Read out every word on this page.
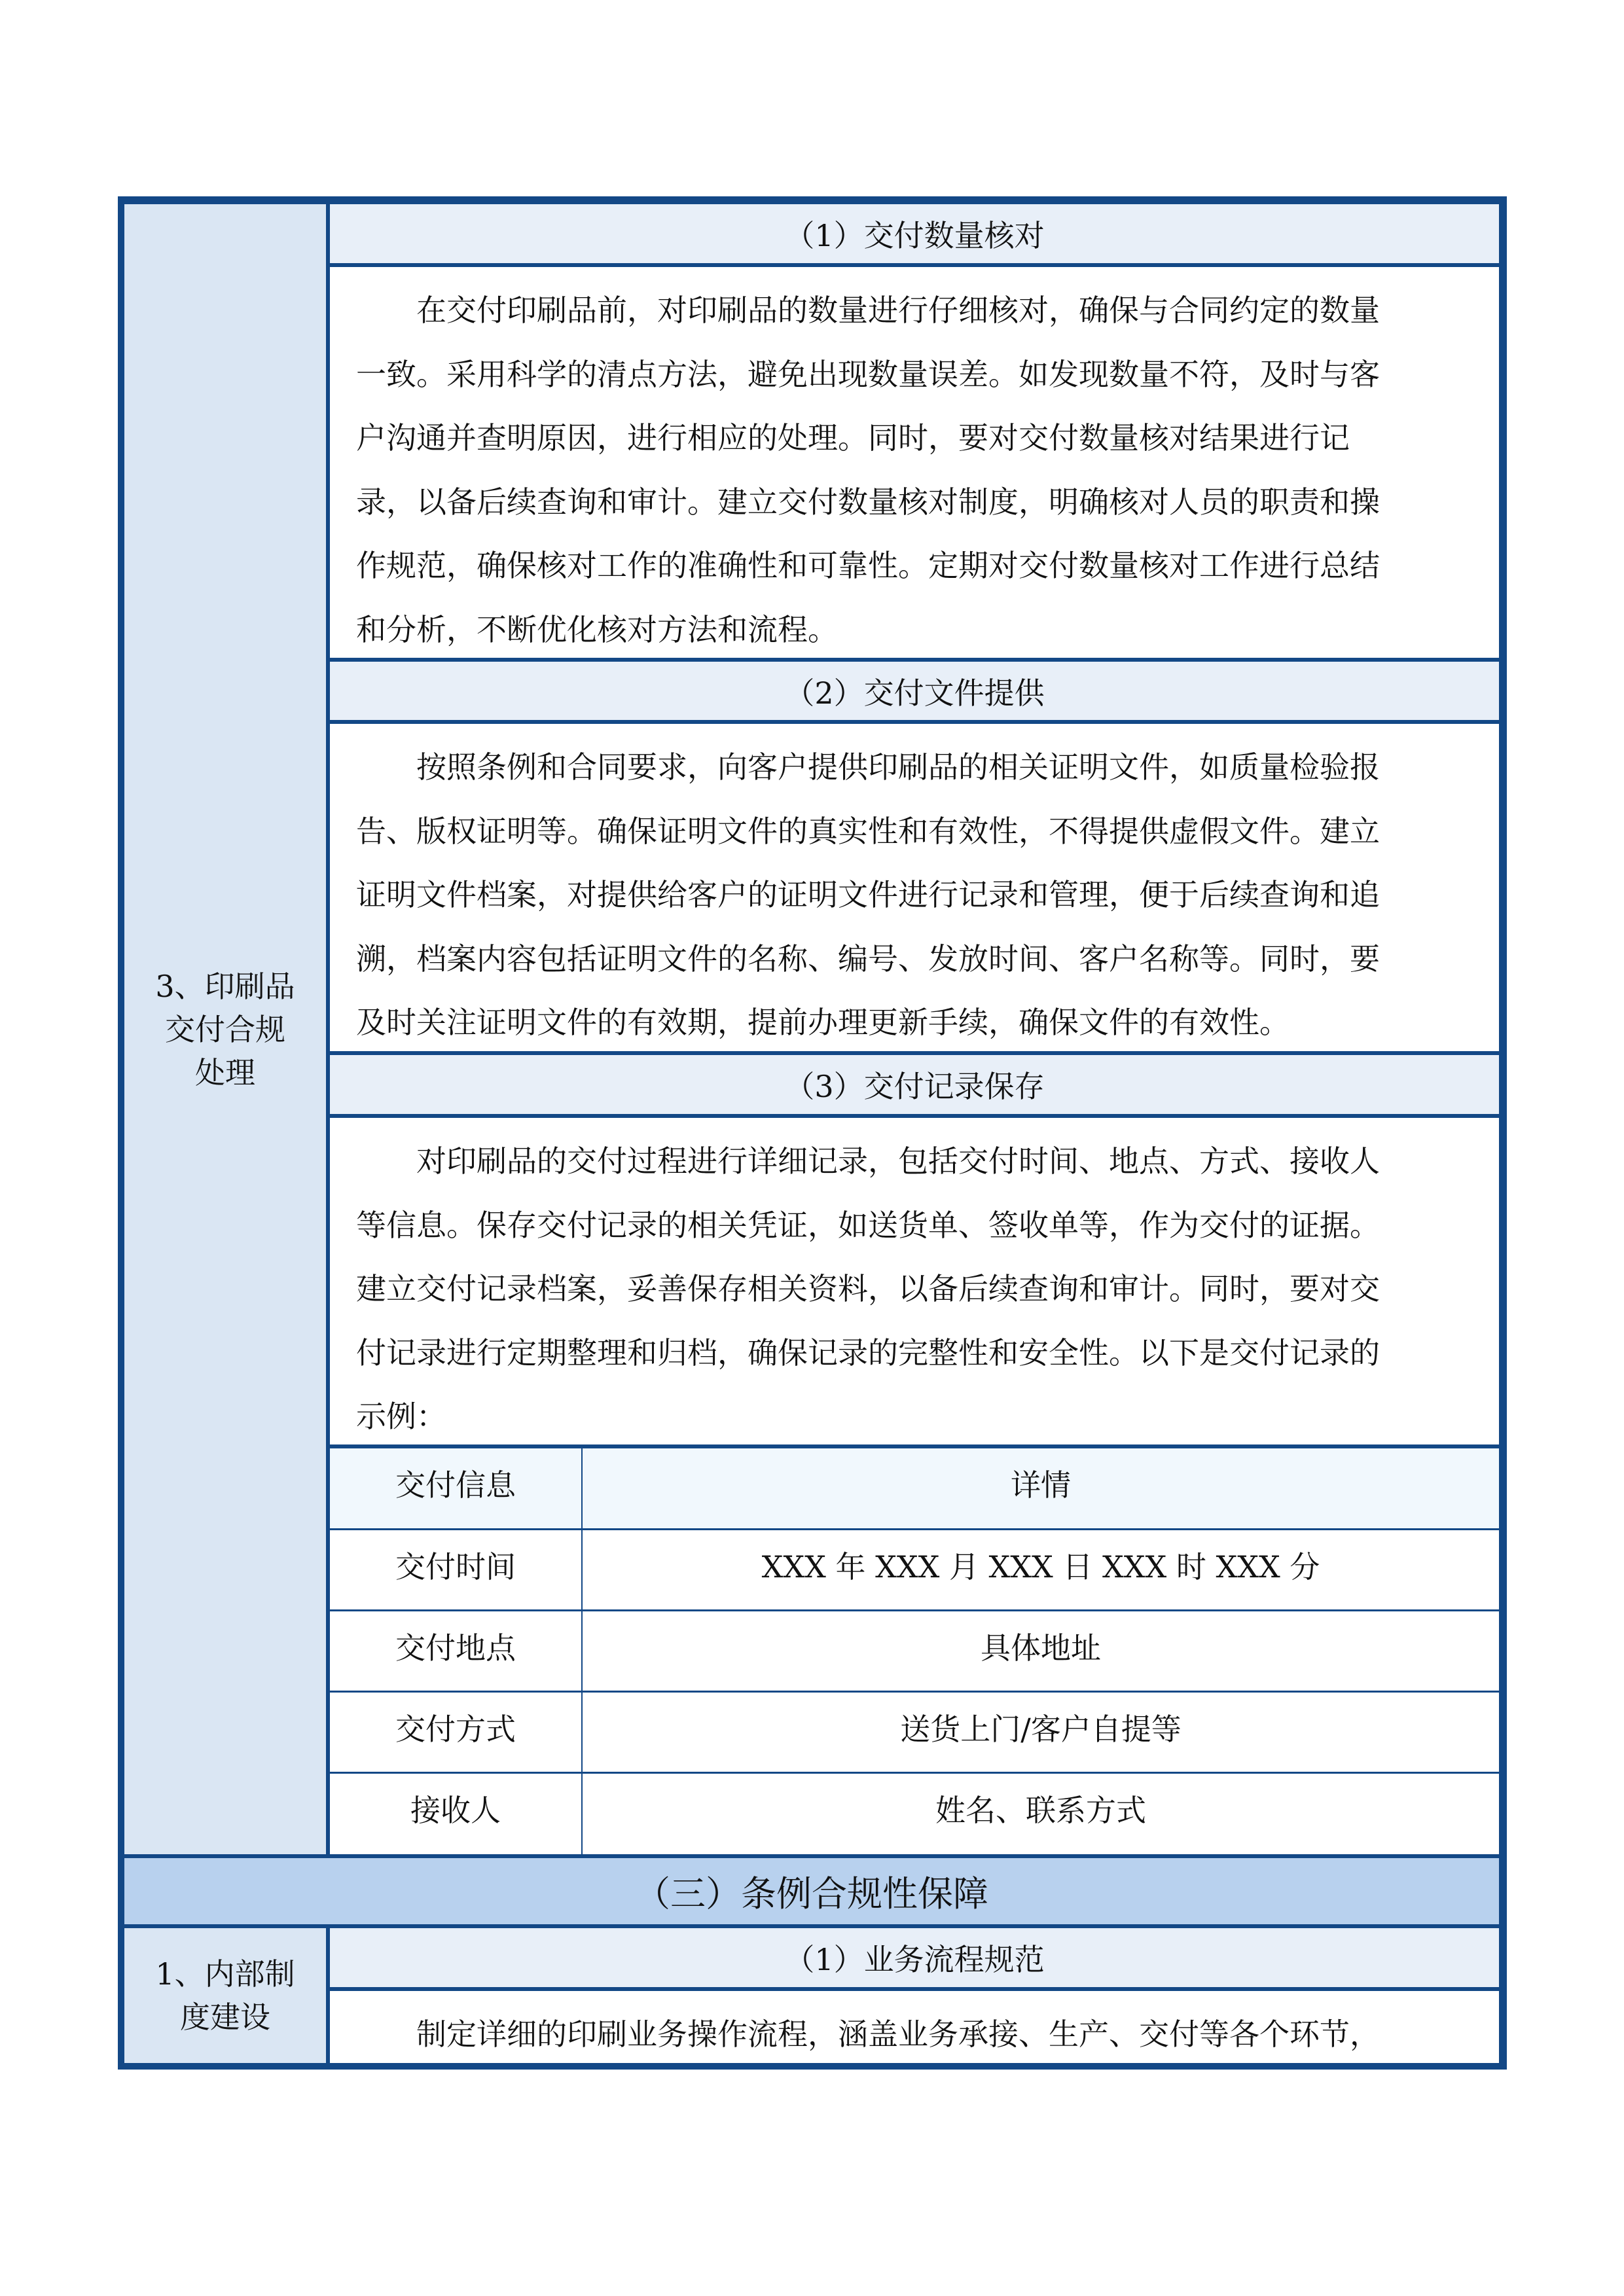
3、印刷品
交付合规
处理
（1）交付数量核对
在交付印刷品前，对印刷品的数量进行仔细核对，确保与合同约定的数量
一致。采用科学的清点方法，避免出现数量误差。如发现数量不符，及时与客
户沟通并查明原因，进行相应的处理。同时，要对交付数量核对结果进行记
录，以备后续查询和审计。建立交付数量核对制度，明确核对人员的职责和操
作规范，确保核对工作的准确性和可靠性。定期对交付数量核对工作进行总结
和分析，不断优化核对方法和流程。
（2）交付文件提供
按照条例和合同要求，向客户提供印刷品的相关证明文件，如质量检验报
告、版权证明等。确保证明文件的真实性和有效性，不得提供虚假文件。建立
证明文件档案，对提供给客户的证明文件进行记录和管理，便于后续查询和追
溯，档案内容包括证明文件的名称、编号、发放时间、客户名称等。同时，要
及时关注证明文件的有效期，提前办理更新手续，确保文件的有效性。
（3）交付记录保存
对印刷品的交付过程进行详细记录，包括交付时间、地点、方式、接收人
等信息。保存交付记录的相关凭证，如送货单、签收单等，作为交付的证据。
建立交付记录档案，妥善保存相关资料，以备后续查询和审计。同时，要对交
付记录进行定期整理和归档，确保记录的完整性和安全性。以下是交付记录的
示例：
交付信息	详情
交付时间	XXX 年 XXX 月 XXX 日 XXX 时 XXX 分
交付地点	具体地址
交付方式	送货上门/客户自提等
接收人	姓名、联系方式
（三）条例合规性保障
1、内部制
度建设
（1）业务流程规范
制定详细的印刷业务操作流程，涵盖业务承接、生产、交付等各个环节，
